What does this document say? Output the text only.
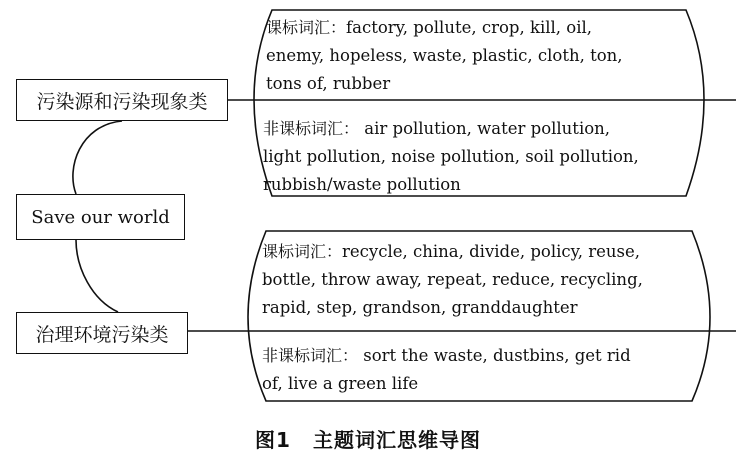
Save our world
污染源和污染现象类
治理环境污染类
课标词汇：factory, pollute, crop, kill, oil,
enemy, hopeless, waste, plastic, cloth, ton,
tons of, rubber
非课标词汇： air pollution, water pollution,
light pollution, noise pollution, soil pollution,
rubbish/waste pollution
课标词汇：recycle, china, divide, policy, reuse,
bottle, throw away, repeat, reduce, recycling,
rapid, step, grandson, granddaughter
非课标词汇： sort the waste, dustbins, get rid
of, live a green life
图1 主题词汇思维导图
